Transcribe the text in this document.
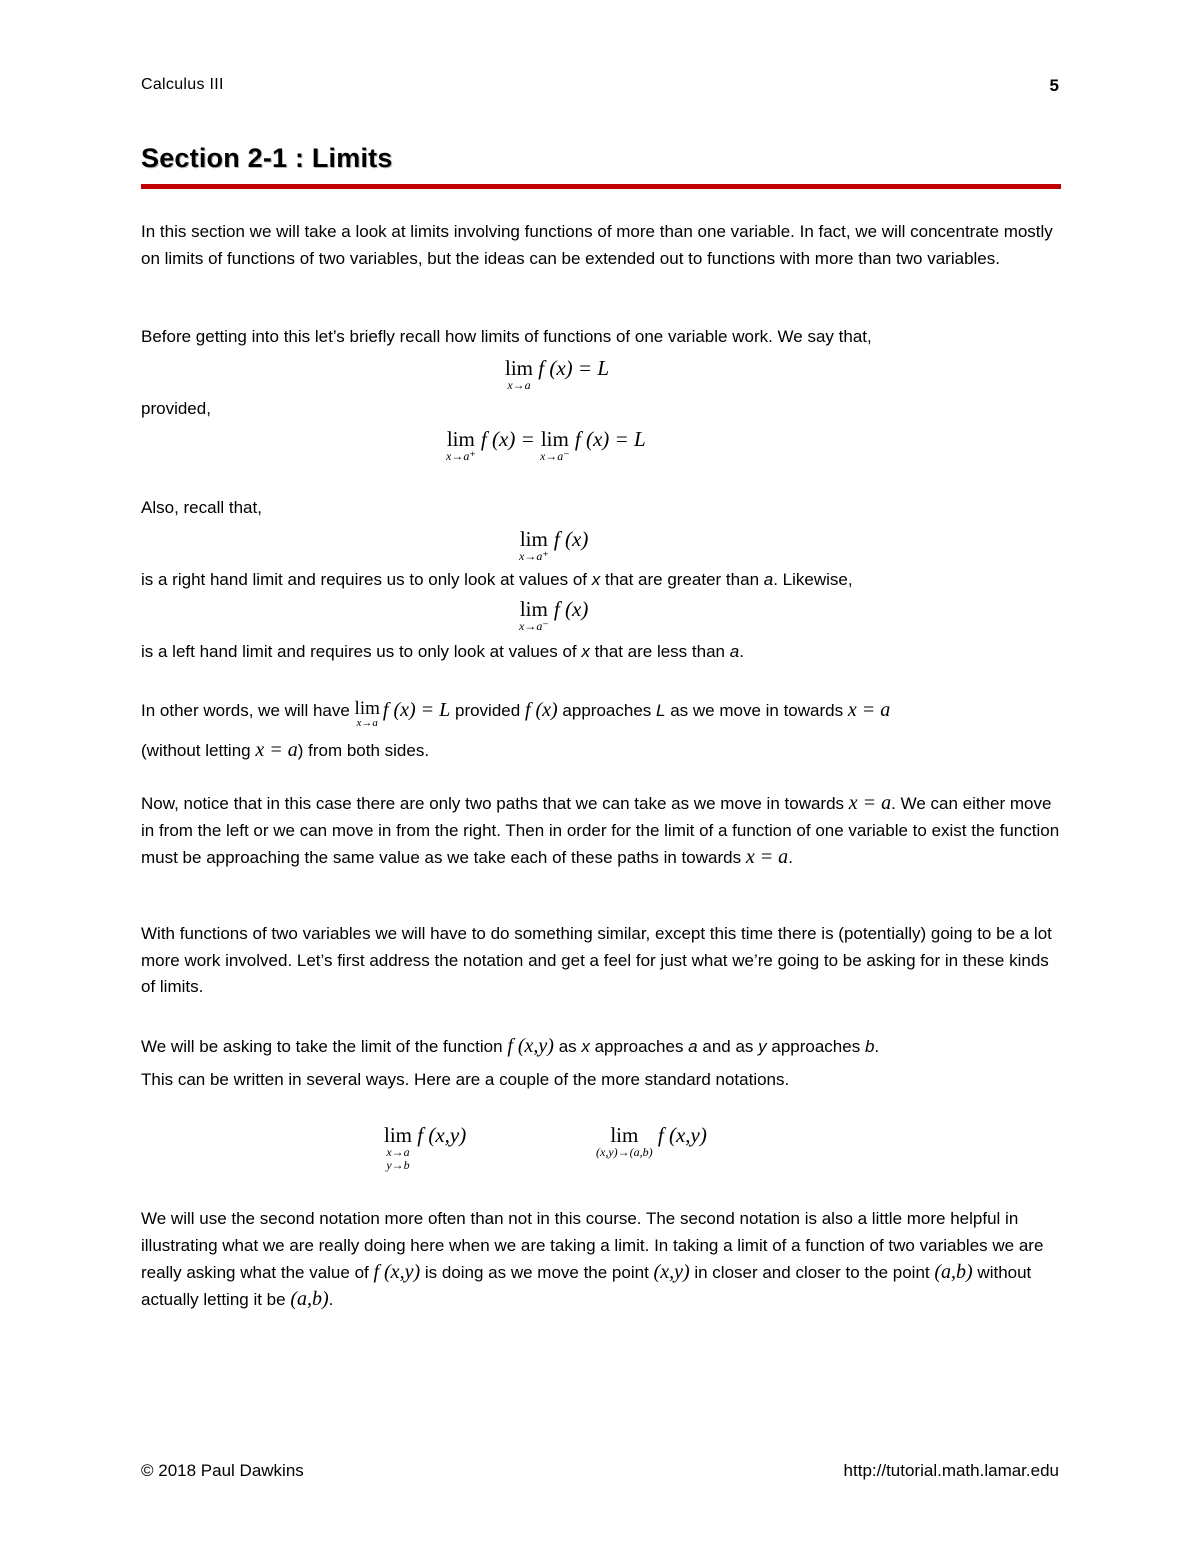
Calculus III	5
Section 2-1 : Limits
In this section we will take a look at limits involving functions of more than one variable. In fact, we will concentrate mostly on limits of functions of two variables, but the ideas can be extended out to functions with more than two variables.
Before getting into this let’s briefly recall how limits of functions of one variable work. We say that,
lim
x→a
f (x) = L
provided,
lim
x→a⁺
f (x) = lim
x→a⁻
f (x) = L
Also, recall that,
lim
x→a⁺
f (x)
is a right hand limit and requires us to only look at values of x that are greater than a. Likewise,
lim
x→a⁻
f (x)
is a left hand limit and requires us to only look at values of x that are less than a.
In other words, we will have lim
x→a
f (x) = L provided f (x) approaches L as we move in towards x = a
(without letting x = a) from both sides.
Now, notice that in this case there are only two paths that we can take as we move in towards x = a. We can either move in from the left or we can move in from the right. Then in order for the limit of a function of one variable to exist the function must be approaching the same value as we take each of these paths in towards x = a.
With functions of two variables we will have to do something similar, except this time there is (potentially) going to be a lot more work involved. Let’s first address the notation and get a feel for just what we’re going to be asking for in these kinds of limits.
We will be asking to take the limit of the function f (x,y) as x approaches a and as y approaches b.
This can be written in several ways. Here are a couple of the more standard notations.
lim
x→a
y→b
f (x,y)	lim
(x,y)→(a,b)
f (x,y)
We will use the second notation more often than not in this course. The second notation is also a little more helpful in illustrating what we are really doing here when we are taking a limit. In taking a limit of a function of two variables we are really asking what the value of f (x,y) is doing as we move the point (x,y) in closer and closer to the point (a,b) without actually letting it be (a,b).
© 2018 Paul Dawkins	http://tutorial.math.lamar.edu
